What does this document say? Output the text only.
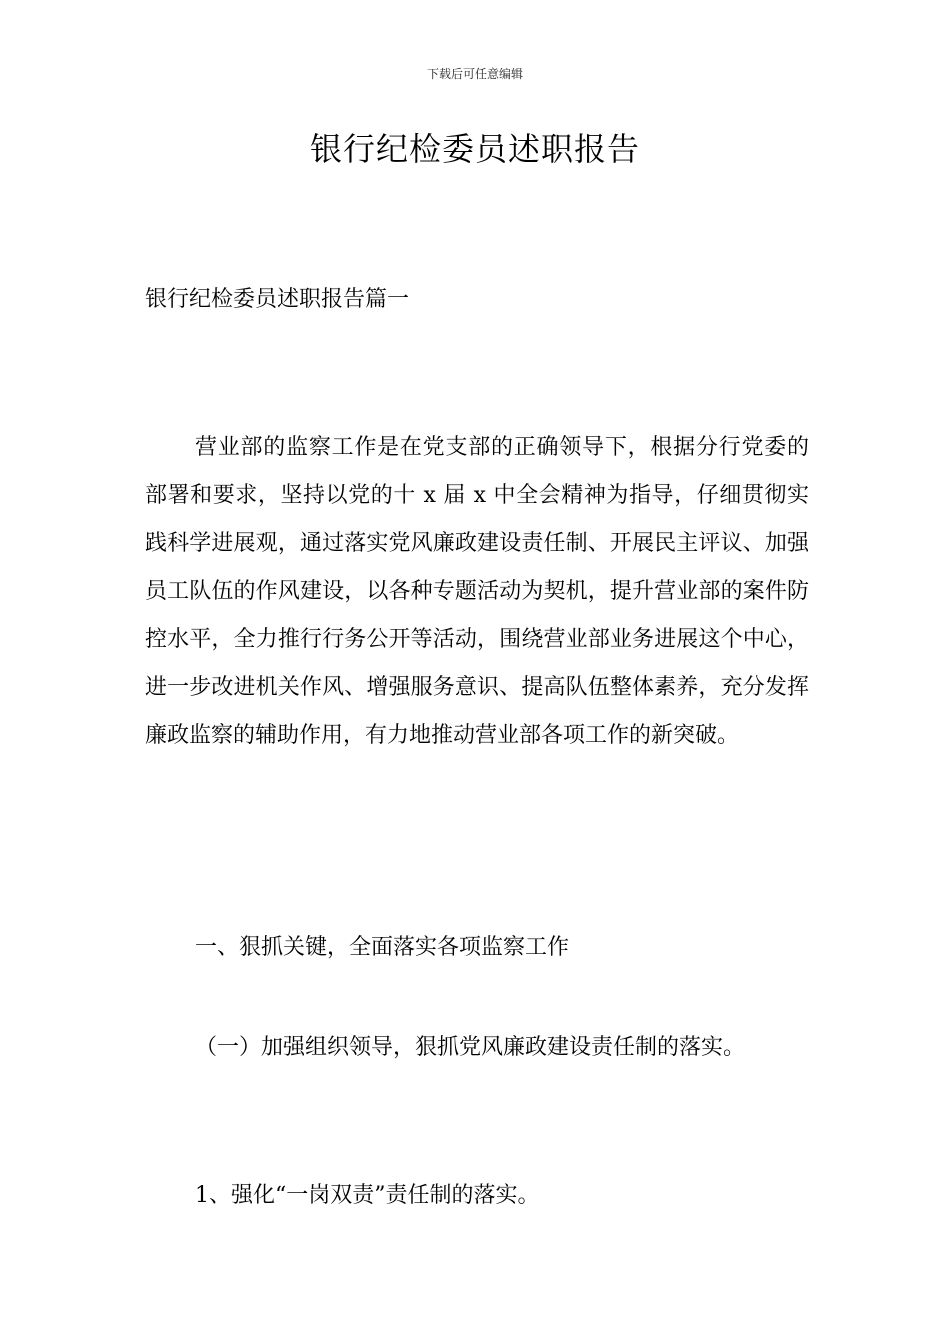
下载后可任意编辑
银行纪检委员述职报告
银行纪检委员述职报告篇一
营业部的监察工作是在党支部的正确领导下，根据分行党委的部署和要求，坚持以党的十 x 届 x 中全会精神为指导，仔细贯彻实践科学进展观，通过落实党风廉政建设责任制、开展民主评议、加强员工队伍的作风建设，以各种专题活动为契机，提升营业部的案件防控水平，全力推行行务公开等活动，围绕营业部业务进展这个中心，进一步改进机关作风、增强服务意识、提高队伍整体素养，充分发挥廉政监察的辅助作用，有力地推动营业部各项工作的新突破。
一、狠抓关键，全面落实各项监察工作
（一）加强组织领导，狠抓党风廉政建设责任制的落实。
1、强化“一岗双责”责任制的落实。
